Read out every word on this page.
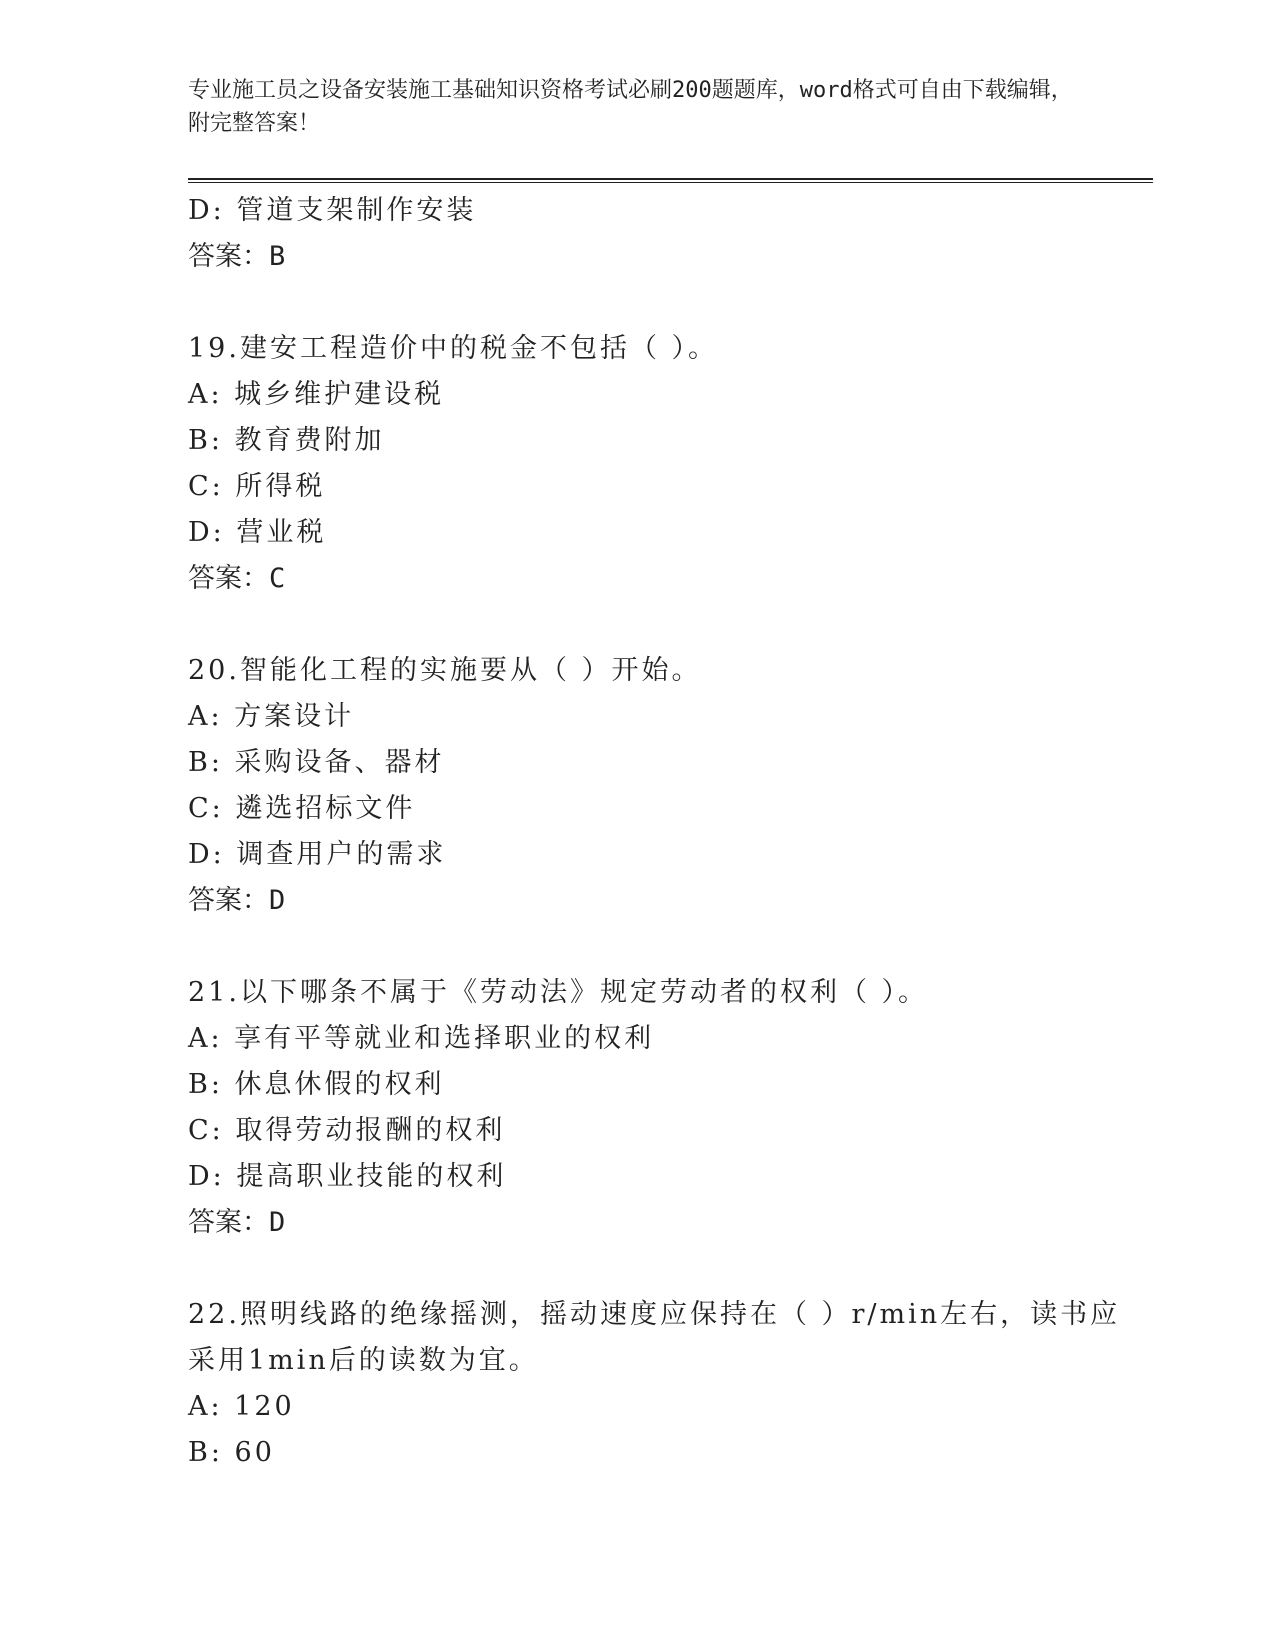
专业施工员之设备安装施工基础知识资格考试必刷200题题库，word格式可自由下载编辑，附完整答案！
D: 管道支架制作安装
答案：B
19.建安工程造价中的税金不包括（ ）。
A: 城乡维护建设税
B: 教育费附加
C: 所得税
D: 营业税
答案：C
20.智能化工程的实施要从（ ）开始。
A: 方案设计
B: 采购设备、器材
C: 遴选招标文件
D: 调查用户的需求
答案：D
21.以下哪条不属于《劳动法》规定劳动者的权利（ ）。
A: 享有平等就业和选择职业的权利
B: 休息休假的权利
C: 取得劳动报酬的权利
D: 提高职业技能的权利
答案：D
22.照明线路的绝缘摇测，摇动速度应保持在（ ）r/min左右，读书应
采用1min后的读数为宜。
A: 120
B: 60
